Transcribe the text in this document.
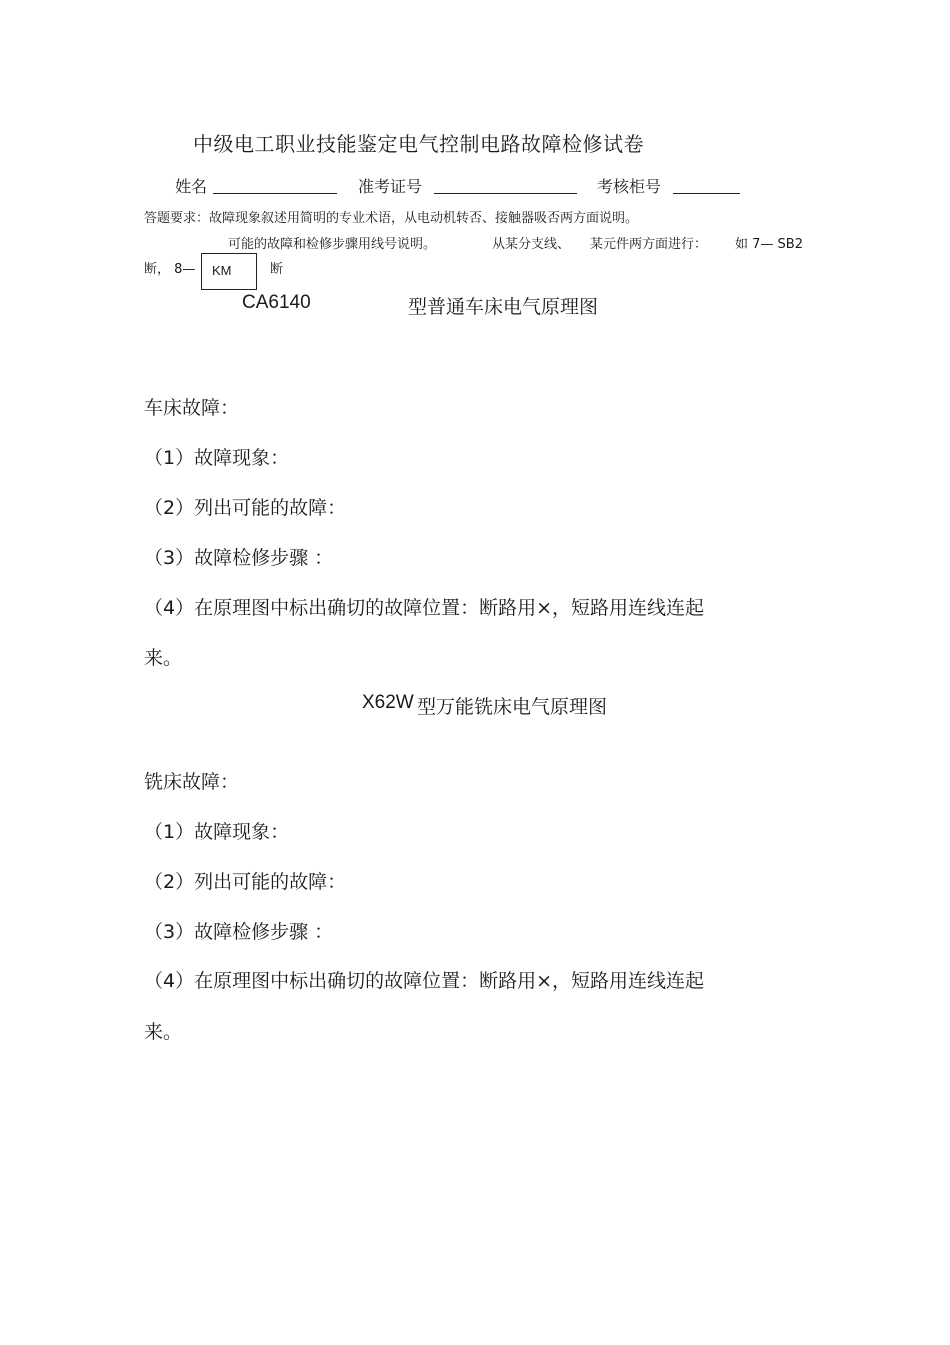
中级电工职业技能鉴定电气控制电路故障检修试卷
姓名	准考证号	考核柜号
答题要求：故障现象叙述用简明的专业术语，从电动机转否、接触器吸否两方面说明。
可能的故障和检修步骤用线号说明。	从某分支线、 某元件两方面进行： 如 7— SB2
断， 8—	KM	断
CA6140	型普通车床电气原理图
车床故障：
（1）故障现象：
（2）列出可能的故障：
（3）故障检修步骤 ：
（4）在原理图中标出确切的故障位置：断路用×，短路用连线连起
来。
X62W 型万能铣床电气原理图
铣床故障：
（1）故障现象：
（2）列出可能的故障：
（3）故障检修步骤 ：
（4）在原理图中标出确切的故障位置：断路用×，短路用连线连起
来。
